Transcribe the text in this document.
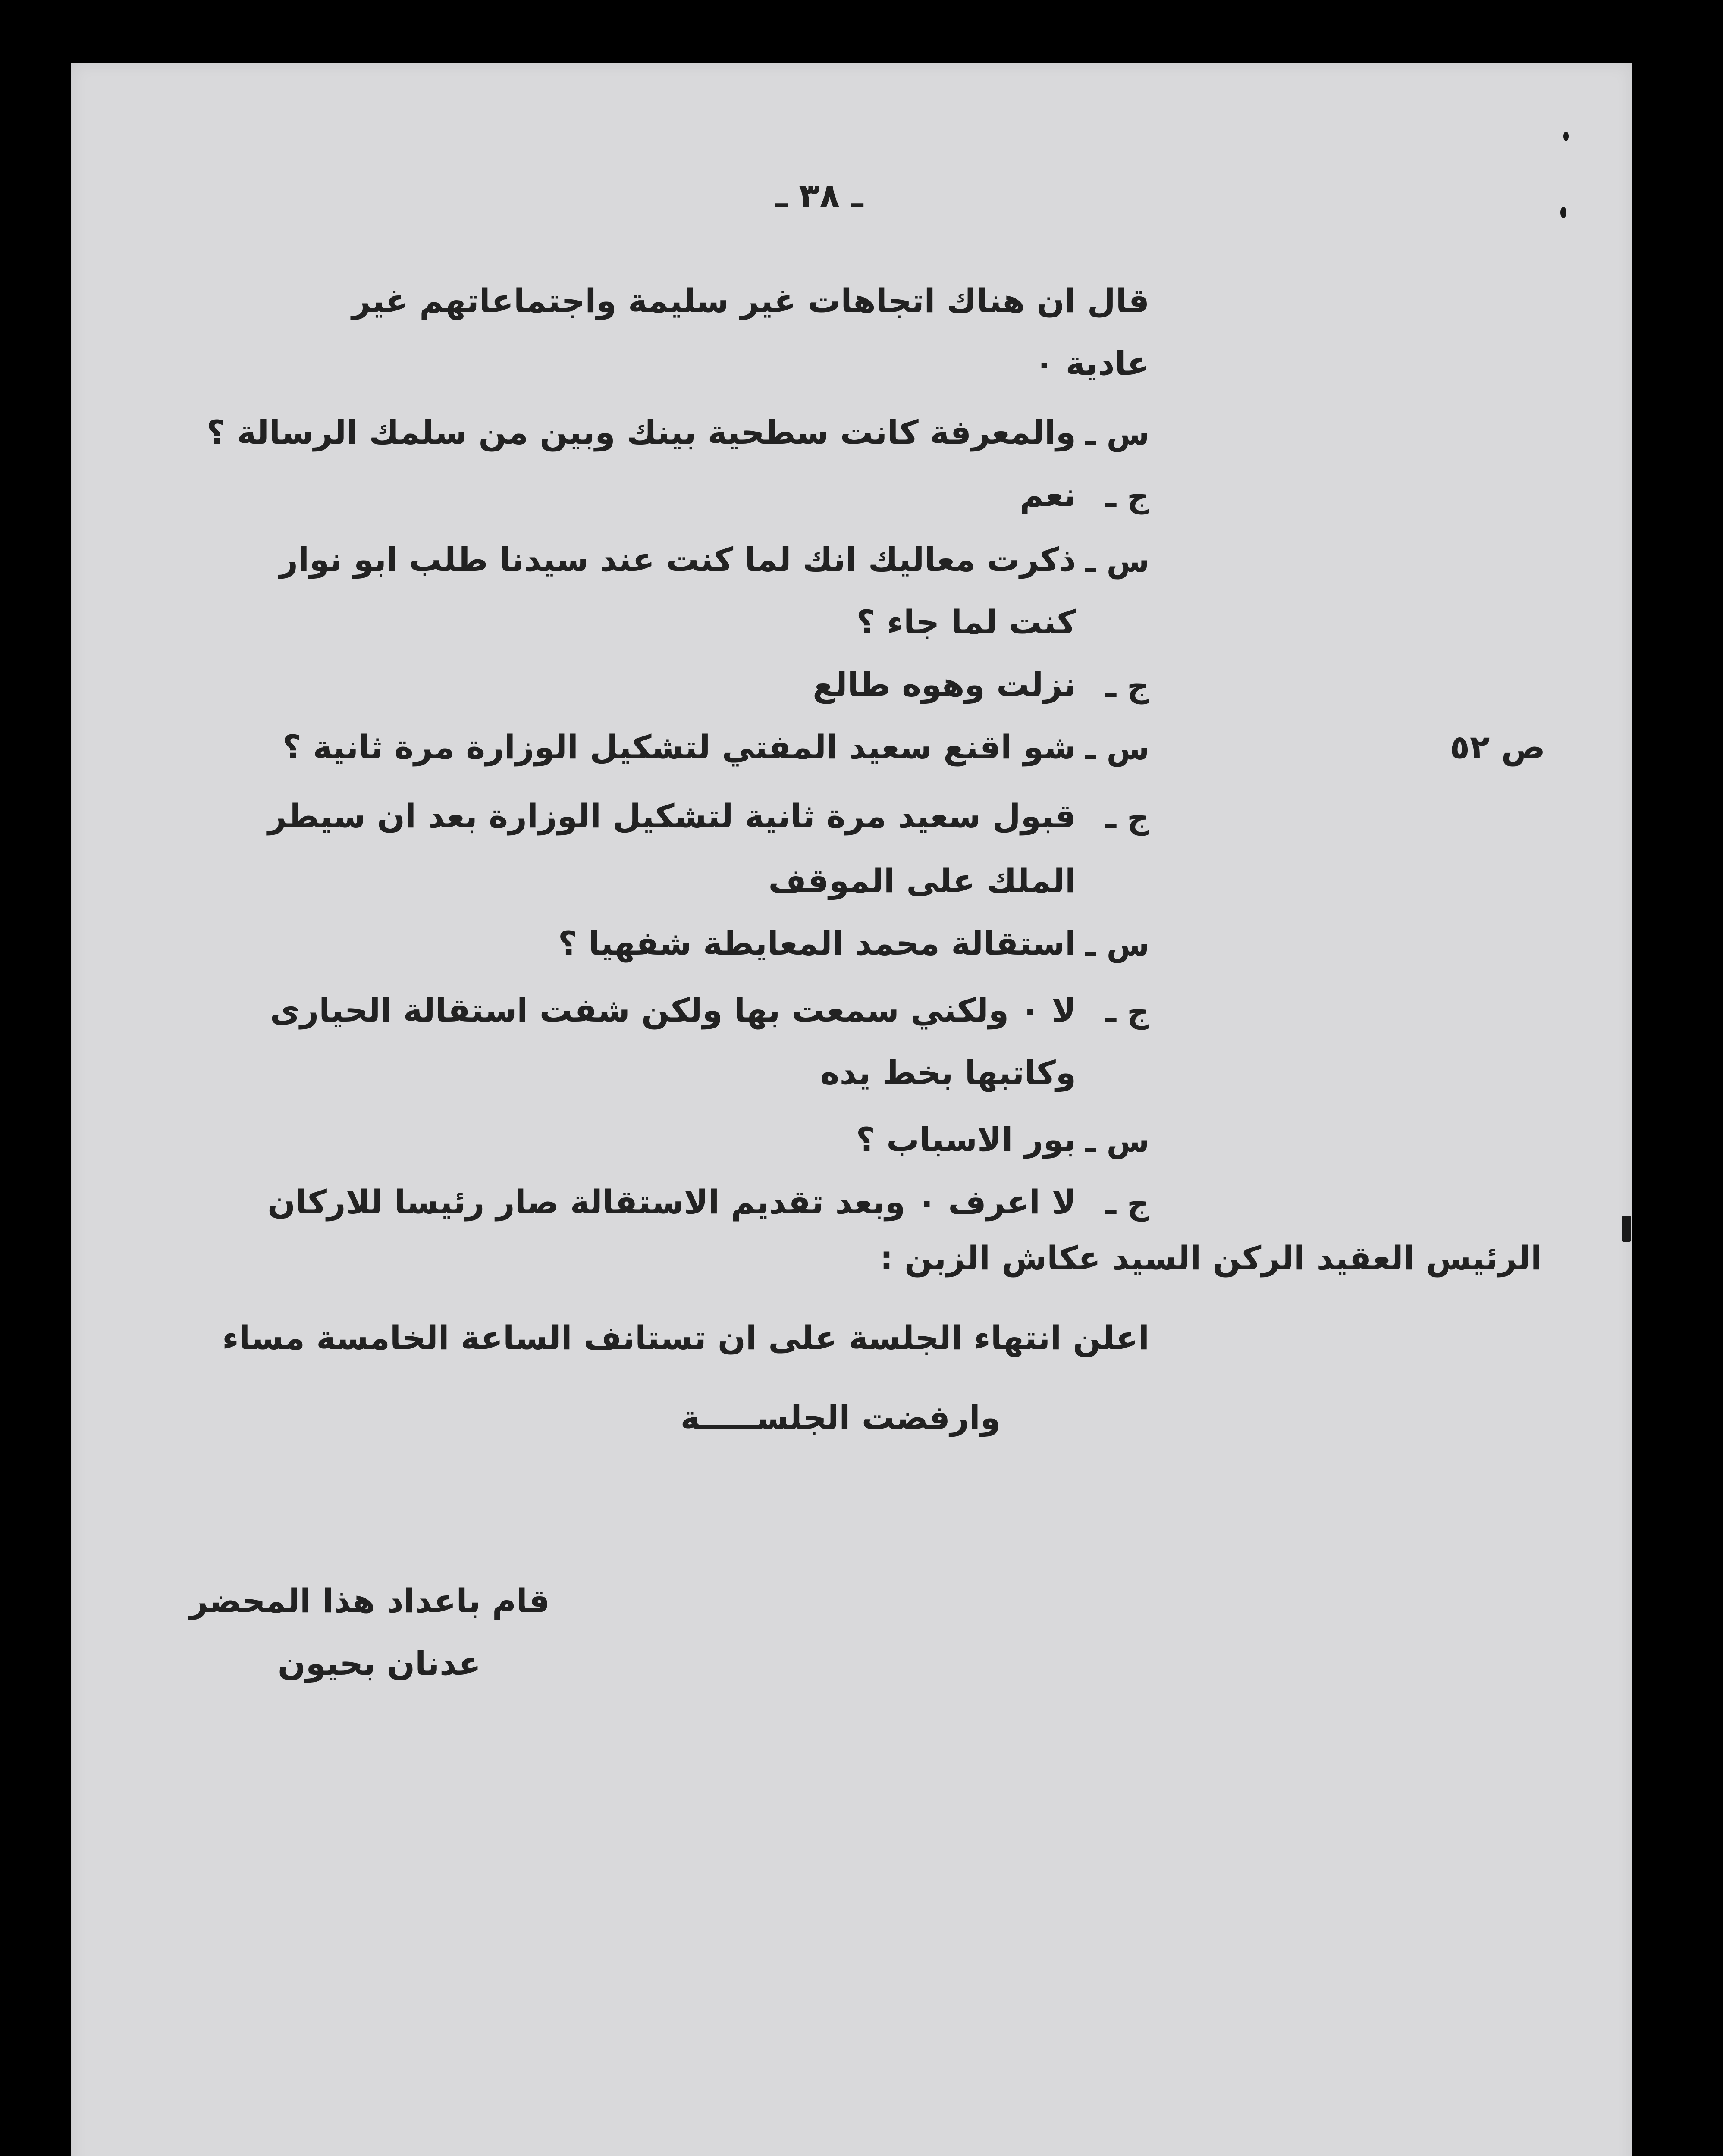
ـ ٣٨ ـ
ص ٥٢
قال ان هناك اتجاهات غير سليمة واجتماعاتهم غير
عادية ٠
س ـ
والمعرفة كانت سطحية بينك وبين من سلمك الرسالة ؟
ج ـ
نعم
س ـ
ذكرت معاليك انك لما كنت عند سيدنا طلب ابو نوار
كنت لما جاء ؟
ج ـ
نزلت وهوه طالع
س ـ
شو اقنع سعيد المفتي لتشكيل الوزارة مرة ثانية ؟
ج ـ
قبول سعيد مرة ثانية لتشكيل الوزارة بعد ان سيطر
الملك على الموقف
س ـ
استقالة محمد المعايطة شفهيا ؟
ج ـ
لا ٠ ولكني سمعت بها ولكن شفت استقالة الحيارى
وكاتبها بخط يده
س ـ
بور الاسباب ؟
ج ـ
لا اعرف ٠ وبعد تقديم الاستقالة صار رئيسا للاركان
الرئيس العقيد الركن السيد عكاش الزبن :
اعلن انتهاء الجلسة على ان تستانف الساعة الخامسة مساء
وارفضت الجلســـــة
قام باعداد هذا المحضر
عدنان بحيون
